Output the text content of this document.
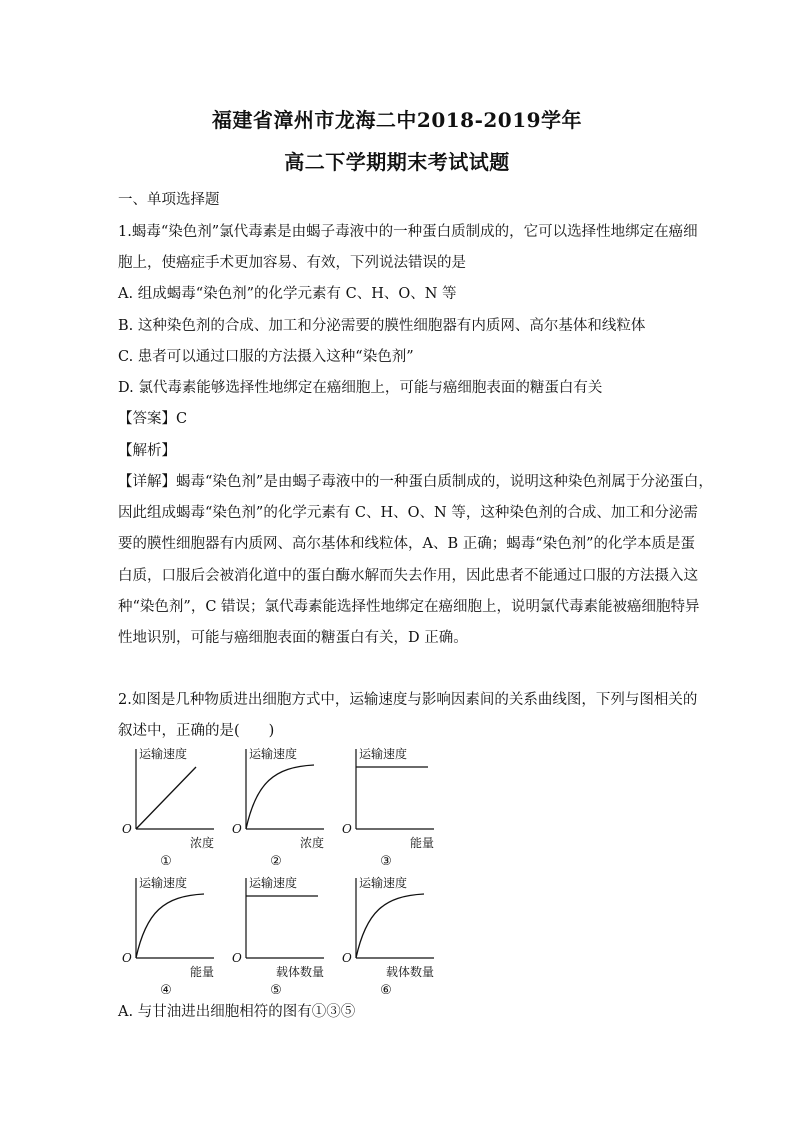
福建省漳州市龙海二中2018-2019学年
高二下学期期末考试试题
一、单项选择题
1.蝎毒“染色剂”氯代毒素是由蝎子毒液中的一种蛋白质制成的，它可以选择性地绑定在癌细
胞上，使癌症手术更加容易、有效，下列说法错误的是
A. 组成蝎毒“染色剂”的化学元素有 C、H、O、N 等
B. 这种染色剂的合成、加工和分泌需要的膜性细胞器有内质网、高尔基体和线粒体
C. 患者可以通过口服的方法摄入这种“染色剂”
D. 氯代毒素能够选择性地绑定在癌细胞上，可能与癌细胞表面的糖蛋白有关
【答案】C
【解析】
【详解】蝎毒“染色剂”是由蝎子毒液中的一种蛋白质制成的，说明这种染色剂属于分泌蛋白，
因此组成蝎毒“染色剂”的化学元素有 C、H、O、N 等，这种染色剂的合成、加工和分泌需
要的膜性细胞器有内质网、高尔基体和线粒体，A、B 正确；蝎毒“染色剂”的化学本质是蛋
白质，口服后会被消化道中的蛋白酶水解而失去作用，因此患者不能通过口服的方法摄入这
种“染色剂”，C 错误；氯代毒素能选择性地绑定在癌细胞上，说明氯代毒素能被癌细胞特异
性地识别，可能与癌细胞表面的糖蛋白有关，D 正确。
2.如图是几种物质进出细胞方式中，运输速度与影响因素间的关系曲线图，下列与图相关的
叙述中，正确的是(　　)
运输速度
O
浓度
①
运输速度
O
浓度
②
运输速度
O
能量
③
运输速度
O
能量
④
运输速度
O
载体数量
⑤
运输速度
O
载体数量
⑥
A. 与甘油进出细胞相符的图有①③⑤
